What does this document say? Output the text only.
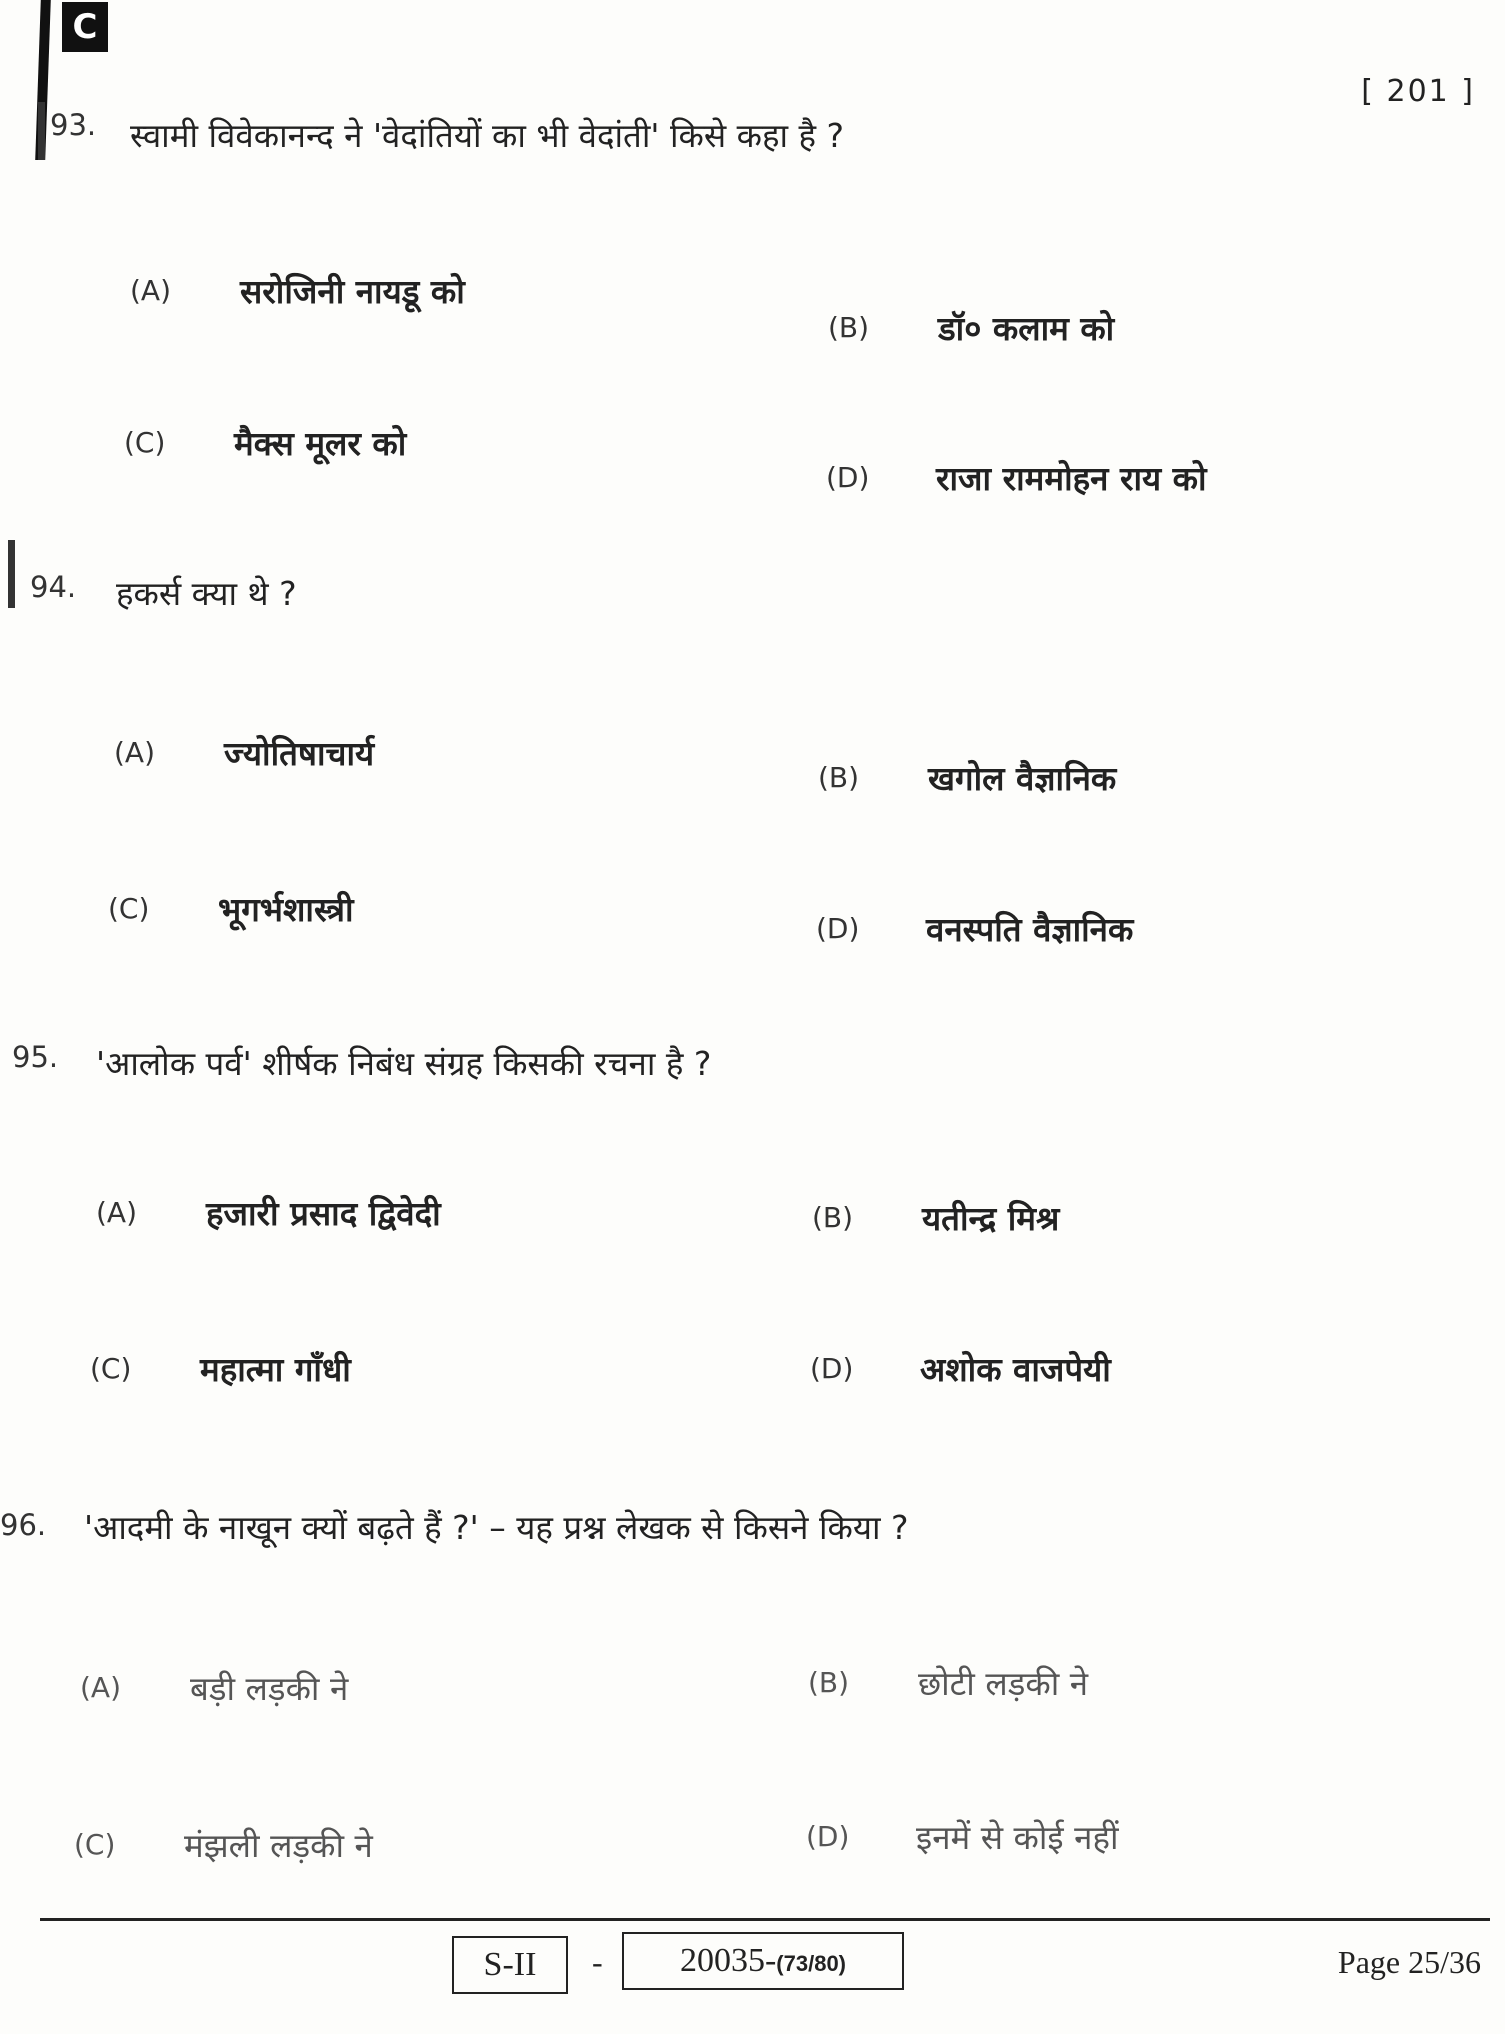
C
[ 201 ]
93. स्वामी विवेकानन्द ने 'वेदांतियों का भी वेदांती' किसे कहा है ?
(A) सरोजिनी नायडू को
(B) डॉ० कलाम को
(C) मैक्स मूलर को
(D) राजा राममोहन राय को
94. हकर्स क्या थे ?
(A) ज्योतिषाचार्य
(B) खगोल वैज्ञानिक
(C) भूगर्भशास्त्री	(D) वनस्पति वैज्ञानिक
95. 'आलोक पर्व' शीर्षक निबंध संग्रह किसकी रचना है ?
(A) हजारी प्रसाद द्विवेदी	(B) यतीन्द्र मिश्र
(C) महात्मा गाँधी	(D) अशोक वाजपेयी
96. 'आदमी के नाखून क्यों बढ़ते हैं ?' – यह प्रश्न लेखक से किसने किया ?
(A) बड़ी लड़की ने	(B) छोटी लड़की ने
(C) मंझली लड़की ने	(D) इनमें से कोई नहीं
S-II	-	20035-(73/80)	Page 25/36
